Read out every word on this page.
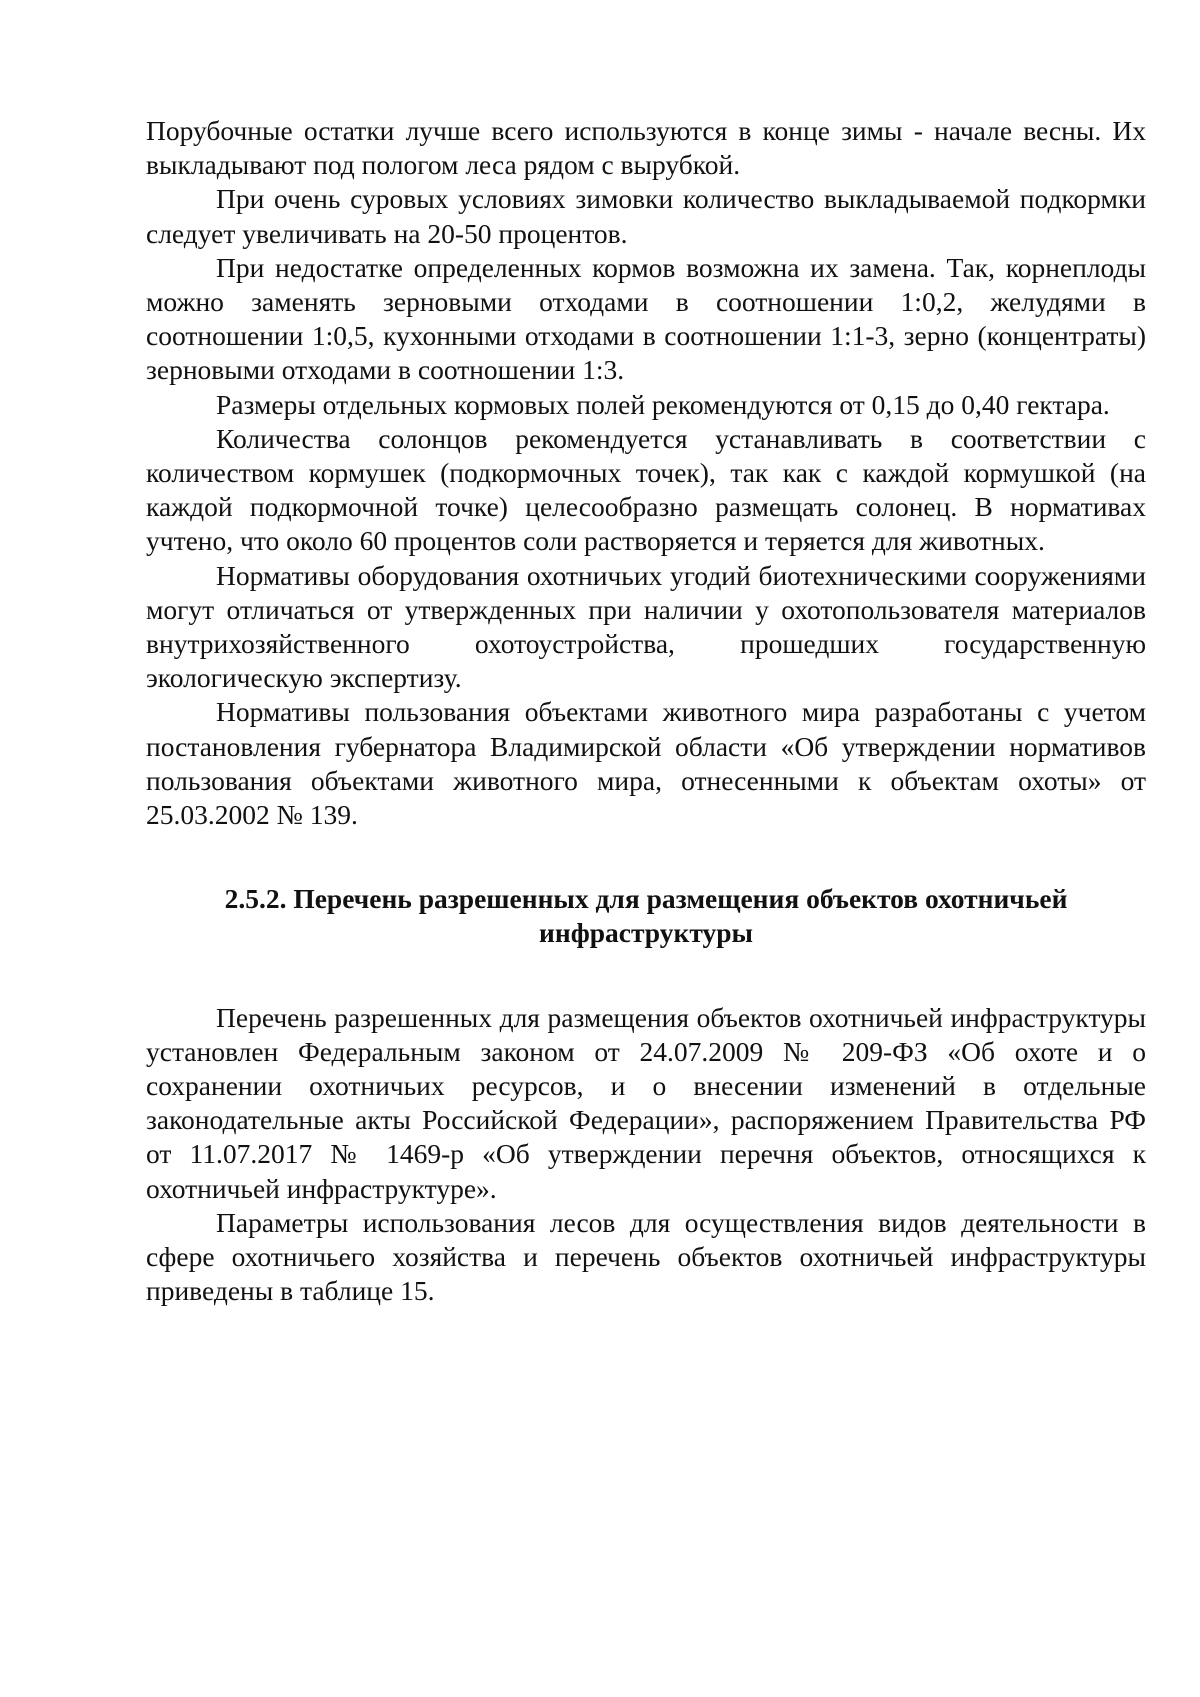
Порубочные остатки лучше всего используются в конце зимы - начале весны. Их выкладывают под пологом леса рядом с вырубкой.

При очень суровых условиях зимовки количество выкладываемой подкормки следует увеличивать на 20-50 процентов.

При недостатке определенных кормов возможна их замена. Так, корнеплоды можно заменять зерновыми отходами в соотношении 1:0,2, желудями в соотношении 1:0,5, кухонными отходами в соотношении 1:1-3, зерно (концентраты) зерновыми отходами в соотношении 1:3.

Размеры отдельных кормовых полей рекомендуются от 0,15 до 0,40 гектара.

Количества солонцов рекомендуется устанавливать в соответствии с количеством кормушек (подкормочных точек), так как с каждой кормушкой (на каждой подкормочной точке) целесообразно размещать солонец. В нормативах учтено, что около 60 процентов соли растворяется и теряется для животных.

Нормативы оборудования охотничьих угодий биотехническими сооружениями могут отличаться от утвержденных при наличии у охотопользователя материалов внутрихозяйственного охотоустройства, прошедших государственную экологическую экспертизу.

Нормативы пользования объектами животного мира разработаны с учетом постановления губернатора Владимирской области «Об утверждении нормативов пользования объектами животного мира, отнесенными к объектам охоты» от 25.03.2002 № 139.

2.5.2. Перечень разрешенных для размещения объектов охотничьей
инфраструктуры

Перечень разрешенных для размещения объектов охотничьей инфраструктуры установлен Федеральным законом от 24.07.2009 № 209-ФЗ «Об охоте и о сохранении охотничьих ресурсов, и о внесении изменений в отдельные законодательные акты Российской Федерации», распоряжением Правительства РФ от 11.07.2017 № 1469-р «Об утверждении перечня объектов, относящихся к охотничьей инфраструктуре».

Параметры использования лесов для осуществления видов деятельности в сфере охотничьего хозяйства и перечень объектов охотничьей инфраструктуры приведены в таблице 15.
